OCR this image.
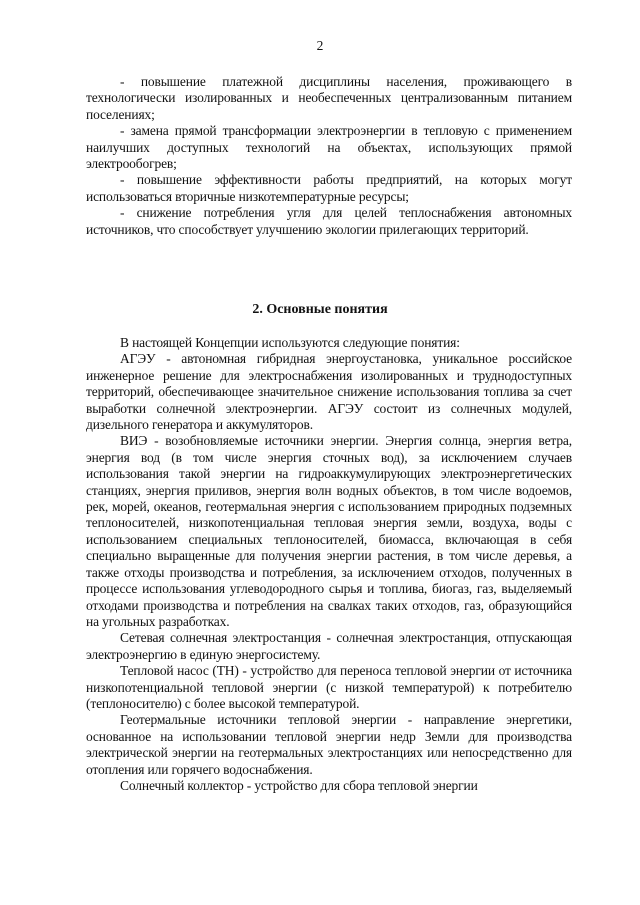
2

- повышение платежной дисциплины населения, проживающего в технологически изолированных и необеспеченных централизованным питанием поселениях;

- замена прямой трансформации электроэнергии в тепловую с применением наилучших доступных технологий на объектах, использующих прямой электрообогрев;

- повышение эффективности работы предприятий, на которых могут использоваться вторичные низкотемпературные ресурсы;

- снижение потребления угля для целей теплоснабжения автономных источников, что способствует улучшению экологии прилегающих территорий.

2. Основные понятия

В настоящей Концепции используются следующие понятия:

АГЭУ - автономная гибридная энергоустановка, уникальное российское инженерное решение для электроснабжения изолированных и труднодоступных территорий, обеспечивающее значительное снижение использования топлива за счет выработки солнечной электроэнергии. АГЭУ состоит из солнечных модулей, дизельного генератора и аккумуляторов.

ВИЭ - возобновляемые источники энергии. Энергия солнца, энергия ветра, энергия вод (в том числе энергия сточных вод), за исключением случаев использования такой энергии на гидроаккумулирующих электроэнергетических станциях, энергия приливов, энергия волн водных объектов, в том числе водоемов, рек, морей, океанов, геотермальная энергия с использованием природных подземных теплоносителей, низкопотенциальная тепловая энергия земли, воздуха, воды с использованием специальных теплоносителей, биомасса, включающая в себя специально выращенные для получения энергии растения, в том числе деревья, а также отходы производства и потребления, за исключением отходов, полученных в процессе использования углеводородного сырья и топлива, биогаз, газ, выделяемый отходами производства и потребления на свалках таких отходов, газ, образующийся на угольных разработках.

Сетевая солнечная электростанция - солнечная электростанция, отпускающая электроэнергию в единую энергосистему.

Тепловой насос (ТН) - устройство для переноса тепловой энергии от источника низкопотенциальной тепловой энергии (с низкой температурой) к потребителю (теплоносителю) с более высокой температурой.

Геотермальные источники тепловой энергии - направление энергетики, основанное на использовании тепловой энергии недр Земли для производства электрической энергии на геотермальных электростанциях или непосредственно для отопления или горячего водоснабжения.

Солнечный коллектор - устройство для сбора тепловой энергии
